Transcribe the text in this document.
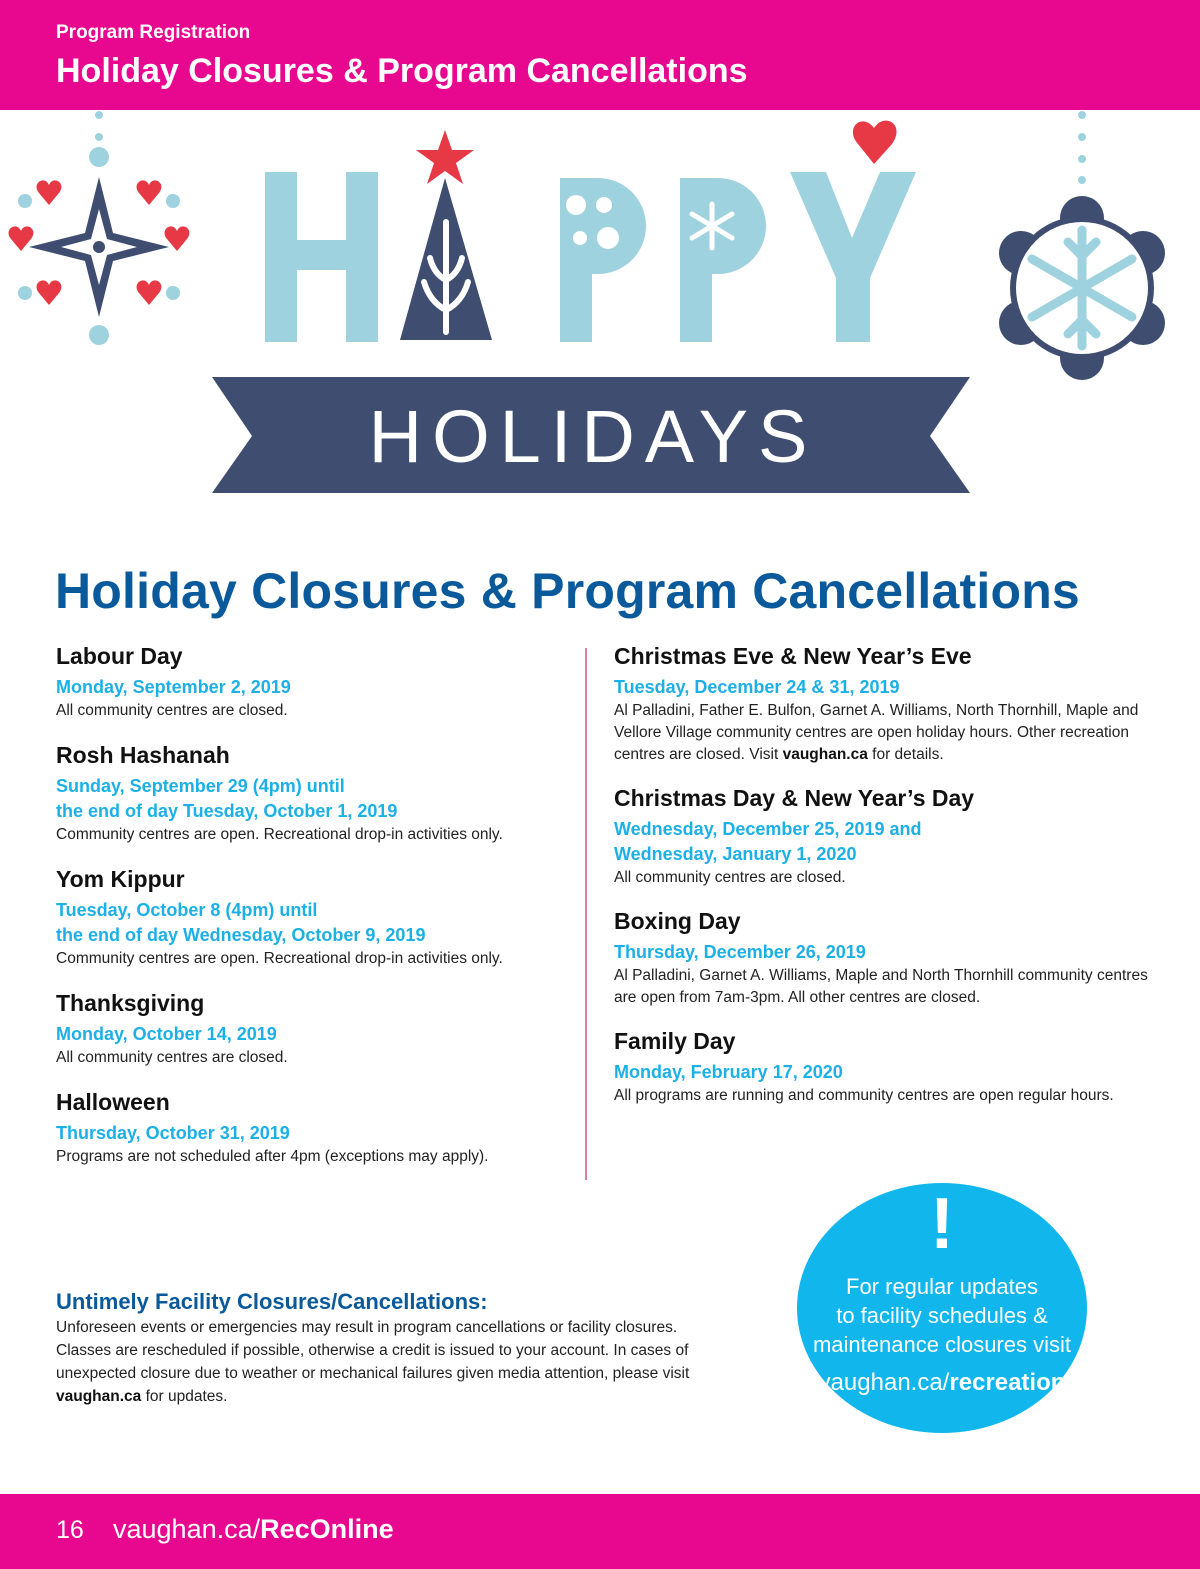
Program Registration
Holiday Closures & Program Cancellations
HOLIDAYS
Holiday Closures & Program Cancellations
Labour Day
Monday, September 2, 2019
All community centres are closed.
Rosh Hashanah
Sunday, September 29 (4pm) until
the end of day Tuesday, October 1, 2019
Community centres are open. Recreational drop-in activities only.
Yom Kippur
Tuesday, October 8 (4pm) until
the end of day Wednesday, October 9, 2019
Community centres are open. Recreational drop-in activities only.
Thanksgiving
Monday, October 14, 2019
All community centres are closed.
Halloween
Thursday, October 31, 2019
Programs are not scheduled after 4pm (exceptions may apply).
Christmas Eve & New Year’s Eve
Tuesday, December 24 & 31, 2019
Al Palladini, Father E. Bulfon, Garnet A. Williams, North Thornhill, Maple and Vellore Village community centres are open holiday hours. Other recreation centres are closed. Visit vaughan.ca for details.
Christmas Day & New Year’s Day
Wednesday, December 25, 2019 and
Wednesday, January 1, 2020
All community centres are closed.
Boxing Day
Thursday, December 26, 2019
Al Palladini, Garnet A. Williams, Maple and North Thornhill community centres are open from 7am-3pm. All other centres are closed.
Family Day
Monday, February 17, 2020
All programs are running and community centres are open regular hours.
Untimely Facility Closures/Cancellations:
Unforeseen events or emergencies may result in program cancellations or facility closures. Classes are rescheduled if possible, otherwise a credit is issued to your account. In cases of unexpected closure due to weather or mechanical failures given media attention, please visit vaughan.ca for updates.
!
For regular updates
to facility schedules &
maintenance closures visit
vaughan.ca/recreation
16 vaughan.ca/RecOnline
